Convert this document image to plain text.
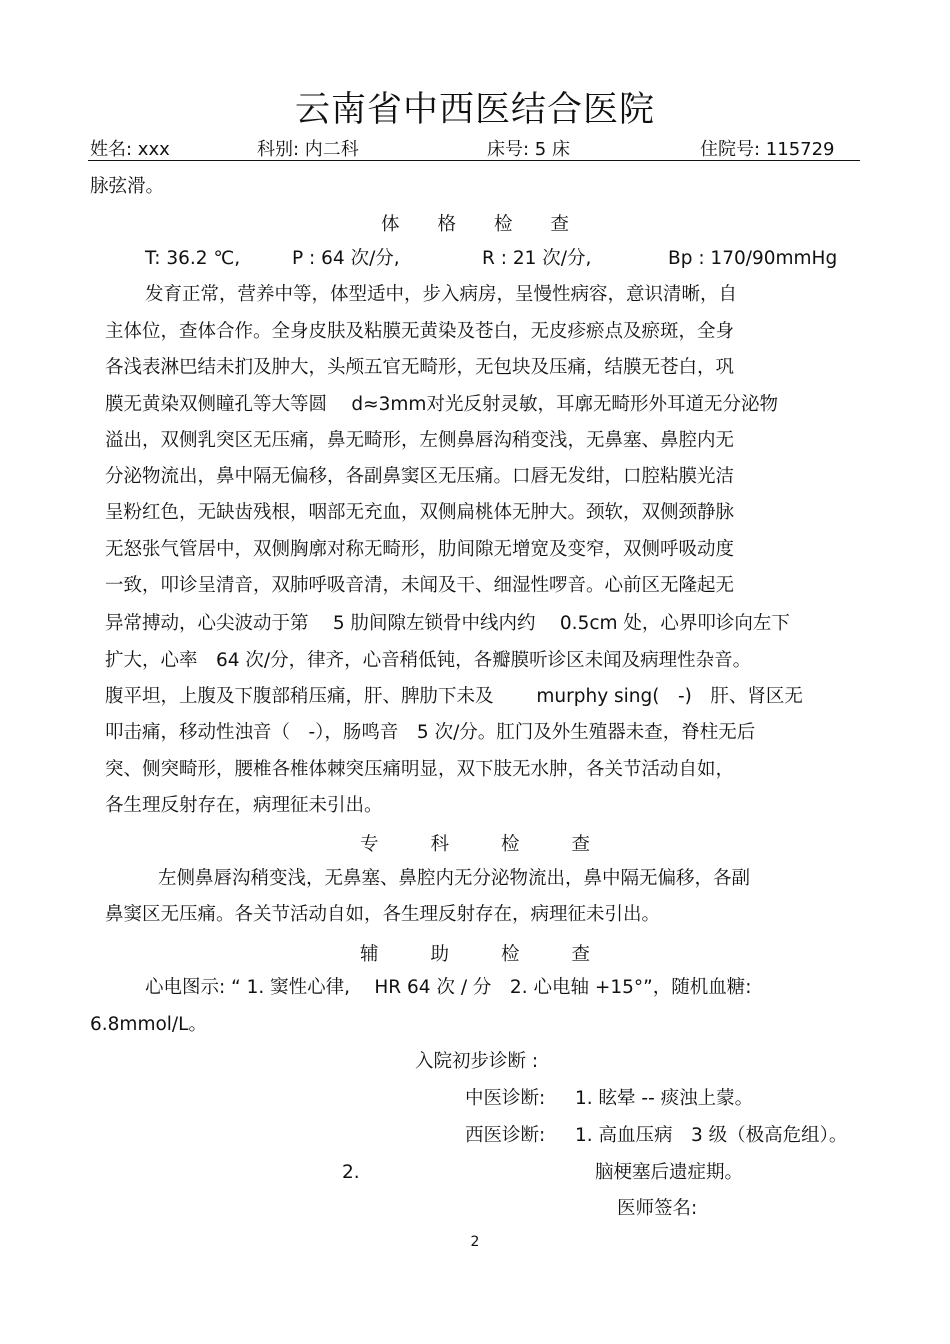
云南省中西医结合医院
姓名: xxx	科别: 内二科	床号: 5 床	住院号: 115729
脉弦滑。
体 格 检 查
T: 36.2 ℃,	P : 64 次/分,	R : 21 次/分,	Bp : 170/90mmHg
发育正常，营养中等，体型适中，步入病房，呈慢性病容，意识清晰，自
主体位，查体合作。全身皮肤及粘膜无黄染及苍白，无皮疹瘀点及瘀斑，全身
各浅表淋巴结未扪及肿大，头颅五官无畸形，无包块及压痛，结膜无苍白，巩
膜无黄染双侧瞳孔等大等圆　 d≈3mm对光反射灵敏，耳廓无畸形外耳道无分泌物
溢出，双侧乳突区无压痛，鼻无畸形，左侧鼻唇沟稍变浅，无鼻塞、鼻腔内无
分泌物流出，鼻中隔无偏移，各副鼻窦区无压痛。口唇无发绀，口腔粘膜光洁
呈粉红色，无缺齿残根，咽部无充血，双侧扁桃体无肿大。颈软，双侧颈静脉
无怒张气管居中，双侧胸廓对称无畸形，肋间隙无增宽及变窄，双侧呼吸动度
一致，叩诊呈清音，双肺呼吸音清，未闻及干、细湿性啰音。心前区无隆起无
异常搏动，心尖波动于第　 5 肋间隙左锁骨中线内约　 0.5cm 处，心界叩诊向左下
扩大，心率　64 次/分，律齐，心音稍低钝，各瓣膜听诊区未闻及病理性杂音。
腹平坦，上腹及下腹部稍压痛，肝、脾肋下未及　　 murphy sing(　-)　肝、肾区无
叩击痛，移动性浊音（　-），肠鸣音　5 次/分。肛门及外生殖器未查，脊柱无后
突、侧突畸形，腰椎各椎体棘突压痛明显，双下肢无水肿，各关节活动自如，
各生理反射存在，病理征未引出。
专	科	检	查
左侧鼻唇沟稍变浅，无鼻塞、鼻腔内无分泌物流出，鼻中隔无偏移，各副
鼻窦区无压痛。各关节活动自如，各生理反射存在，病理征未引出。
辅	助	检	查
心电图示: “ 1. 窦性心律,　 HR 64 次 / 分　2. 心电轴 +15°”，随机血糖:
6.8mmol/L。
入院初步诊断 :
中医诊断: 1. 眩晕 -- 痰浊上蒙。
西医诊断: 1. 高血压病　3 级（极高危组）。
2.	脑梗塞后遗症期。
医师签名:
2
